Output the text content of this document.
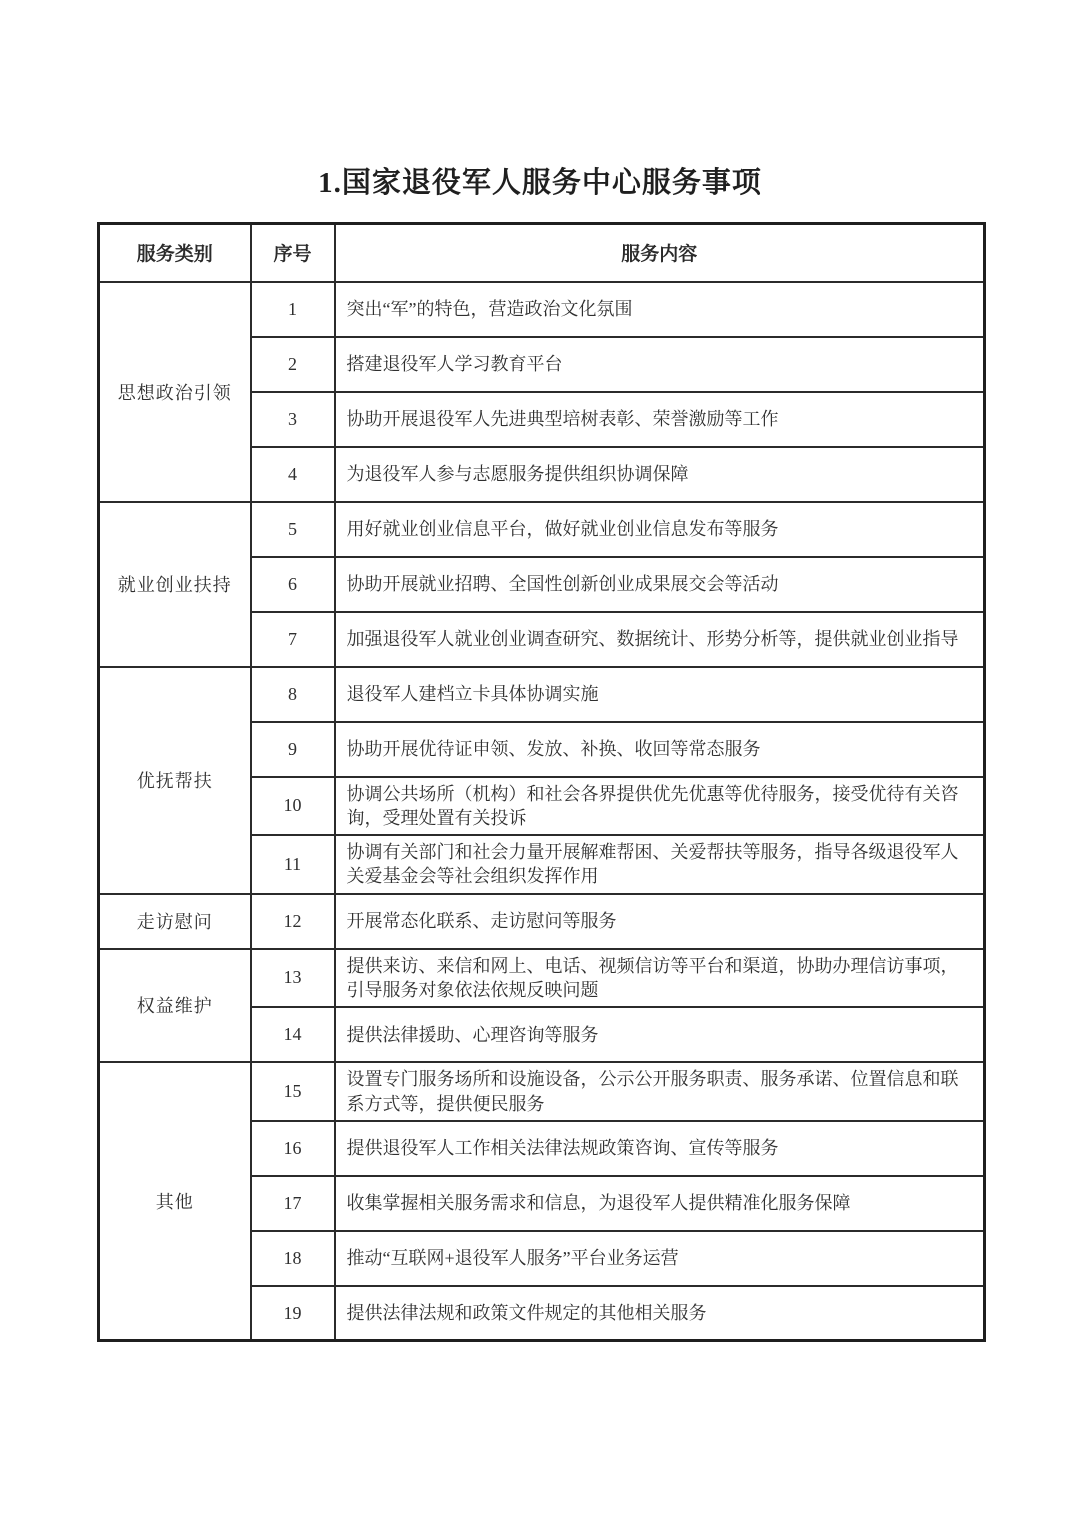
1.国家退役军人服务中心服务事项
服务类别	序号	服务内容
思想政治引领	1	突出“军”的特色，营造政治文化氛围
	2	搭建退役军人学习教育平台
	3	协助开展退役军人先进典型培树表彰、荣誉激励等工作
	4	为退役军人参与志愿服务提供组织协调保障
就业创业扶持	5	用好就业创业信息平台，做好就业创业信息发布等服务
	6	协助开展就业招聘、全国性创新创业成果展交会等活动
	7	加强退役军人就业创业调查研究、数据统计、形势分析等，提供就业创业指导
优抚帮扶	8	退役军人建档立卡具体协调实施
	9	协助开展优待证申领、发放、补换、收回等常态服务
	10	协调公共场所（机构）和社会各界提供优先优惠等优待服务，接受优待有关咨询，受理处置有关投诉
	11	协调有关部门和社会力量开展解难帮困、关爱帮扶等服务，指导各级退役军人关爱基金会等社会组织发挥作用
走访慰问	12	开展常态化联系、走访慰问等服务
权益维护	13	提供来访、来信和网上、电话、视频信访等平台和渠道，协助办理信访事项，引导服务对象依法依规反映问题
	14	提供法律援助、心理咨询等服务
其他	15	设置专门服务场所和设施设备，公示公开服务职责、服务承诺、位置信息和联系方式等，提供便民服务
	16	提供退役军人工作相关法律法规政策咨询、宣传等服务
	17	收集掌握相关服务需求和信息，为退役军人提供精准化服务保障
	18	推动“互联网+退役军人服务”平台业务运营
	19	提供法律法规和政策文件规定的其他相关服务
